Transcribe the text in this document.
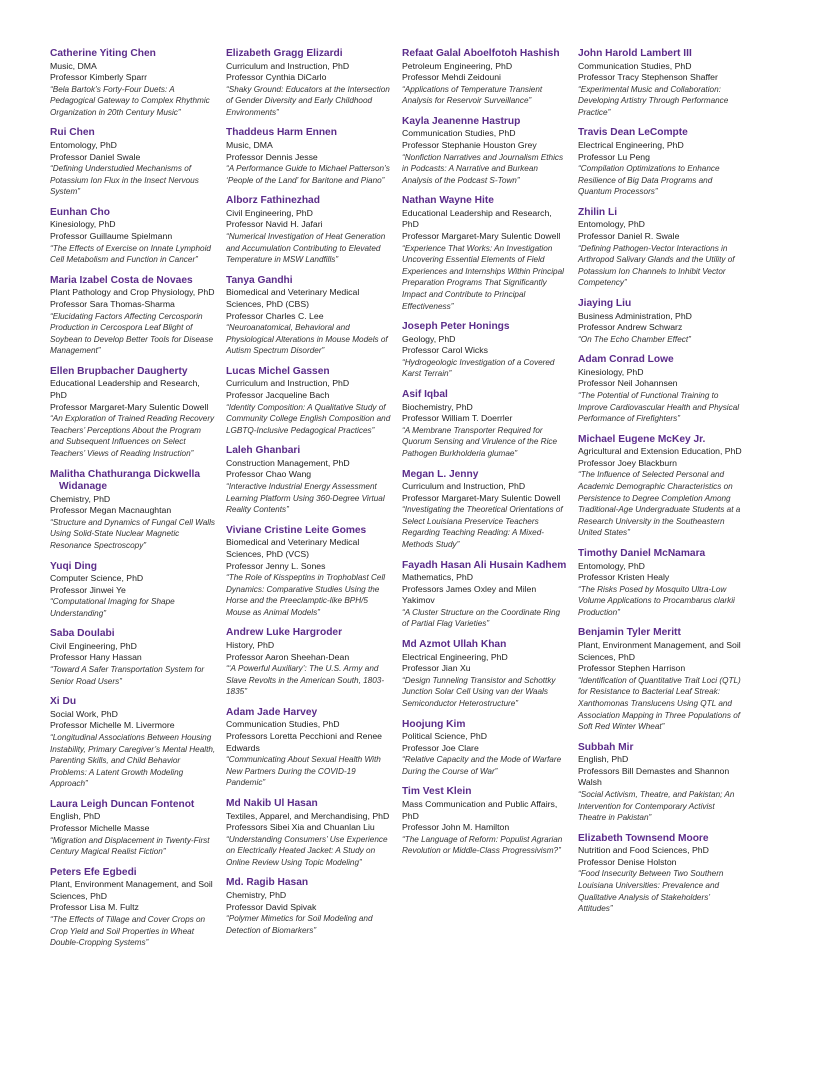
Catherine Yiting Chen
Music, DMA
Professor Kimberly Sparr
“Bela Bartok’s Forty-Four Duets: A Pedagogical Gateway to Complex Rhythmic Organization in 20th Century Music”
Rui Chen
Entomology, PhD
Professor Daniel Swale
“Defining Understudied Mechanisms of Potassium Ion Flux in the Insect Nervous System”
Eunhan Cho
Kinesiology, PhD
Professor Guillaume Spielmann
“The Effects of Exercise on Innate Lymphoid Cell Metabolism and Function in Cancer”
Maria Izabel Costa de Novaes
Plant Pathology and Crop Physiology, PhD
Professor Sara Thomas-Sharma
“Elucidating Factors Affecting Cercosporin Production in Cercospora Leaf Blight of Soybean to Develop Better Tools for Disease Management”
Ellen Brupbacher Daugherty
Educational Leadership and Research, PhD
Professor Margaret-Mary Sulentic Dowell
“An Exploration of Trained Reading Recovery Teachers’ Perceptions About the Program and Subsequent Influences on Select Teachers’ Views of Reading Instruction”
Malitha Chathuranga Dickwella Widanage
Chemistry, PhD
Professor Megan Macnaughtan
“Structure and Dynamics of Fungal Cell Walls Using Solid-State Nuclear Magnetic Resonance Spectroscopy”
Yuqi Ding
Computer Science, PhD
Professor Jinwei Ye
“Computational Imaging for Shape Understanding”
Saba Doulabi
Civil Engineering, PhD
Professor Hany Hassan
“Toward A Safer Transportation System for Senior Road Users”
Xi Du
Social Work, PhD
Professor Michelle M. Livermore
“Longitudinal Associations Between Housing Instability, Primary Caregiver’s Mental Health, Parenting Skills, and Child Behavior Problems: A Latent Growth Modeling Approach”
Laura Leigh Duncan Fontenot
English, PhD
Professor Michelle Masse
“Migration and Displacement in Twenty-First Century Magical Realist Fiction”
Peters Efe Egbedi
Plant, Environment Management, and Soil Sciences, PhD
Professor Lisa M. Fultz
“The Effects of Tillage and Cover Crops on Crop Yield and Soil Properties in Wheat Double-Cropping Systems”
Elizabeth Gragg Elizardi
Curriculum and Instruction, PhD
Professor Cynthia DiCarlo
“Shaky Ground: Educators at the Intersection of Gender Diversity and Early Childhood Environments”
Thaddeus Harm Ennen
Music, DMA
Professor Dennis Jesse
“A Performance Guide to Michael Patterson’s ‘People of the Land’ for Baritone and Piano”
Alborz Fathinezhad
Civil Engineering, PhD
Professor Navid H. Jafari
“Numerical Investigation of Heat Generation and Accumulation Contributing to Elevated Temperature in MSW Landfills”
Tanya Gandhi
Biomedical and Veterinary Medical Sciences, PhD (CBS)
Professor Charles C. Lee
“Neuroanatomical, Behavioral and Physiological Alterations in Mouse Models of Autism Spectrum Disorder”
Lucas Michel Gassen
Curriculum and Instruction, PhD
Professor Jacqueline Bach
“Identity Composition: A Qualitative Study of Community College English Composition and LGBTQ-Inclusive Pedagogical Practices”
Laleh Ghanbari
Construction Management, PhD
Professor Chao Wang
“Interactive Industrial Energy Assessment Learning Platform Using 360-Degree Virtual Reality Contents”
Viviane Cristine Leite Gomes
Biomedical and Veterinary Medical Sciences, PhD (VCS)
Professor Jenny L. Sones
“The Role of Kisspeptins in Trophoblast Cell Dynamics: Comparative Studies Using the Horse and the Preeclamptic-like BPH/5 Mouse as Animal Models”
Andrew Luke Hargroder
History, PhD
Professor Aaron Sheehan-Dean
“‘A Powerful Auxiliary’: The U.S. Army and Slave Revolts in the American South, 1803-1835”
Adam Jade Harvey
Communication Studies, PhD
Professors Loretta Pecchioni and Renee Edwards
“Communicating About Sexual Health With New Partners During the COVID-19 Pandemic”
Md Nakib Ul Hasan
Textiles, Apparel, and Merchandising, PhD
Professors Sibei Xia and Chuanlan Liu
“Understanding Consumers’ Use Experience on Electrically Heated Jacket: A Study on Online Review Using Topic Modeling”
Md. Ragib Hasan
Chemistry, PhD
Professor David Spivak
“Polymer Mimetics for Soil Modeling and Detection of Biomarkers”
Refaat Galal Aboelfotoh Hashish
Petroleum Engineering, PhD
Professor Mehdi Zeidouni
“Applications of Temperature Transient Analysis for Reservoir Surveillance”
Kayla Jeanenne Hastrup
Communication Studies, PhD
Professor Stephanie Houston Grey
“Nonfiction Narratives and Journalism Ethics in Podcasts: A Narrative and Burkean Analysis of the Podcast S-Town”
Nathan Wayne Hite
Educational Leadership and Research, PhD
Professor Margaret-Mary Sulentic Dowell
“Experience That Works: An Investigation Uncovering Essential Elements of Field Experiences and Internships Within Principal Preparation Programs That Significantly Impact and Contribute to Principal Effectiveness”
Joseph Peter Honings
Geology, PhD
Professor Carol Wicks
“Hydrogeologic Investigation of a Covered Karst Terrain”
Asif Iqbal
Biochemistry, PhD
Professor William T. Doerrler
“A Membrane Transporter Required for Quorum Sensing and Virulence of the Rice Pathogen Burkholderia glumae”
Megan L. Jenny
Curriculum and Instruction, PhD
Professor Margaret-Mary Sulentic Dowell
“Investigating the Theoretical Orientations of Select Louisiana Preservice Teachers Regarding Teaching Reading: A Mixed-Methods Study”
Fayadh Hasan Ali Husain Kadhem
Mathematics, PhD
Professors James Oxley and Milen Yakimov
“A Cluster Structure on the Coordinate Ring of Partial Flag Varieties”
Md Azmot Ullah Khan
Electrical Engineering, PhD
Professor Jian Xu
“Design Tunneling Transistor and Schottky Junction Solar Cell Using van der Waals Semiconductor Heterostructure”
Hoojung Kim
Political Science, PhD
Professor Joe Clare
“Relative Capacity and the Mode of Warfare During the Course of War”
Tim Vest Klein
Mass Communication and Public Affairs, PhD
Professor John M. Hamilton
“The Language of Reform: Populist Agrarian Revolution or Middle-Class Progressivism?”
John Harold Lambert III
Communication Studies, PhD
Professor Tracy Stephenson Shaffer
“Experimental Music and Collaboration: Developing Artistry Through Performance Practice”
Travis Dean LeCompte
Electrical Engineering, PhD
Professor Lu Peng
“Compilation Optimizations to Enhance Resilience of Big Data Programs and Quantum Processors”
Zhilin Li
Entomology, PhD
Professor Daniel R. Swale
“Defining Pathogen-Vector Interactions in Arthropod Salivary Glands and the Utility of Potassium Ion Channels to Inhibit Vector Competency”
Jiaying Liu
Business Administration, PhD
Professor Andrew Schwarz
“On The Echo Chamber Effect”
Adam Conrad Lowe
Kinesiology, PhD
Professor Neil Johannsen
“The Potential of Functional Training to Improve Cardiovascular Health and Physical Performance of Firefighters”
Michael Eugene McKey Jr.
Agricultural and Extension Education, PhD
Professor Joey Blackburn
“The Influence of Selected Personal and Academic Demographic Characteristics on Persistence to Degree Completion Among Traditional-Age Undergraduate Students at a Research University in the Southeastern United States”
Timothy Daniel McNamara
Entomology, PhD
Professor Kristen Healy
“The Risks Posed by Mosquito Ultra-Low Volume Applications to Procambarus clarkii Production”
Benjamin Tyler Meritt
Plant, Environment Management, and Soil Sciences, PhD
Professor Stephen Harrison
“Identification of Quantitative Trait Loci (QTL) for Resistance to Bacterial Leaf Streak: Xanthomonas Translucens Using QTL and Association Mapping in Three Populations of Soft Red Winter Wheat”
Subbah Mir
English, PhD
Professors Bill Demastes and Shannon Walsh
“Social Activism, Theatre, and Pakistan; An Intervention for Contemporary Activist Theatre in Pakistan”
Elizabeth Townsend Moore
Nutrition and Food Sciences, PhD
Professor Denise Holston
“Food Insecurity Between Two Southern Louisiana Universities: Prevalence and Qualitative Analysis of Stakeholders’ Attitudes”
